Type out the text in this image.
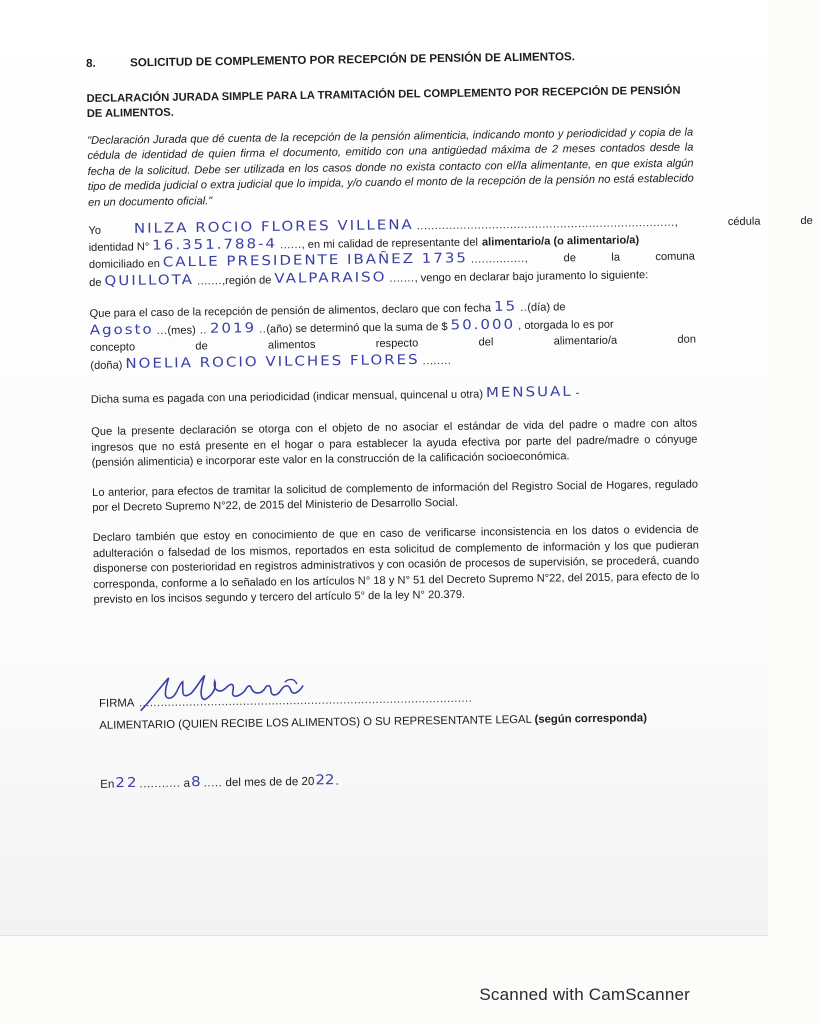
8.	SOLICITUD DE COMPLEMENTO POR RECEPCIÓN DE PENSIÓN DE ALIMENTOS.
DECLARACIÓN JURADA SIMPLE PARA LA TRAMITACIÓN DEL COMPLEMENTO POR RECEPCIÓN DE PENSIÓN DE ALIMENTOS.
"Declaración Jurada que dé cuenta de la recepción de la pensión alimenticia, indicando monto y periodicidad y copia de la cédula de identidad de quien firma el documento, emitido con una antigüedad máxima de 2 meses contados desde la fecha de la solicitud. Debe ser utilizada en los casos donde no exista contacto con el/la alimentante, en que exista algún tipo de medida judicial o extra judicial que lo impida, y/o cuando el monto de la recepción de la pensión no está establecido en un documento oficial."
Yo NILZA ROCIO FLORES VILLENA ........................................................................ ,	cédula	de
identidad N° 16.351.788-4 ...... , en mi calidad de representante del alimentario/a (o alimentario/a)
domiciliado en CALLE PRESIDENTE IBAÑEZ 1735 ...............,	de	la	comuna
de QUILLOTA ....... ,región de VALPARAISO ....... , vengo en declarar bajo juramento lo siguiente:
Que para el caso de la recepción de pensión de alimentos, declaro que con fecha 15 .. (día) de
Agosto ... (mes) .. 2019 .. (año) se determinó que la suma de $ 50.000 , otorgada lo es por
concepto	de	alimentos	respecto	del	alimentario/a	don
(doña) NOELIA ROCIO VILCHES FLORES ........
Dicha suma es pagada con una periodicidad (indicar mensual, quincenal u otra) MENSUAL -

Que la presente declaración se otorga con el objeto de no asociar el estándar de vida del padre o madre con altos ingresos que no está presente en el hogar o para establecer la ayuda efectiva por parte del padre/madre o cónyuge (pensión alimenticia) e incorporar este valor en la construcción de la calificación socioeconómica.

Lo anterior, para efectos de tramitar la solicitud de complemento de información del Registro Social de Hogares, regulado por el Decreto Supremo N°22, de 2015 del Ministerio de Desarrollo Social.

Declaro también que estoy en conocimiento de que en caso de verificarse inconsistencia en los datos o evidencia de adulteración o falsedad de los mismos, reportados en esta solicitud de complemento de información y los que pudieran disponerse con posterioridad en registros administrativos y con ocasión de procesos de supervisión, se procederá, cuando corresponda, conforme a lo señalado en los artículos N° 18 y N° 51 del Decreto Supremo N°22, del 2015, para efecto de lo previsto en los incisos segundo y tercero del artículo 5° de la ley N° 20.379.

FIRMA .............................................................................................
ALIMENTARIO (QUIEN RECIBE LOS ALIMENTOS) O SU REPRESENTANTE LEGAL (según corresponda)
En22........... a8..... del mes de de 2022.
Scanned with CamScanner
